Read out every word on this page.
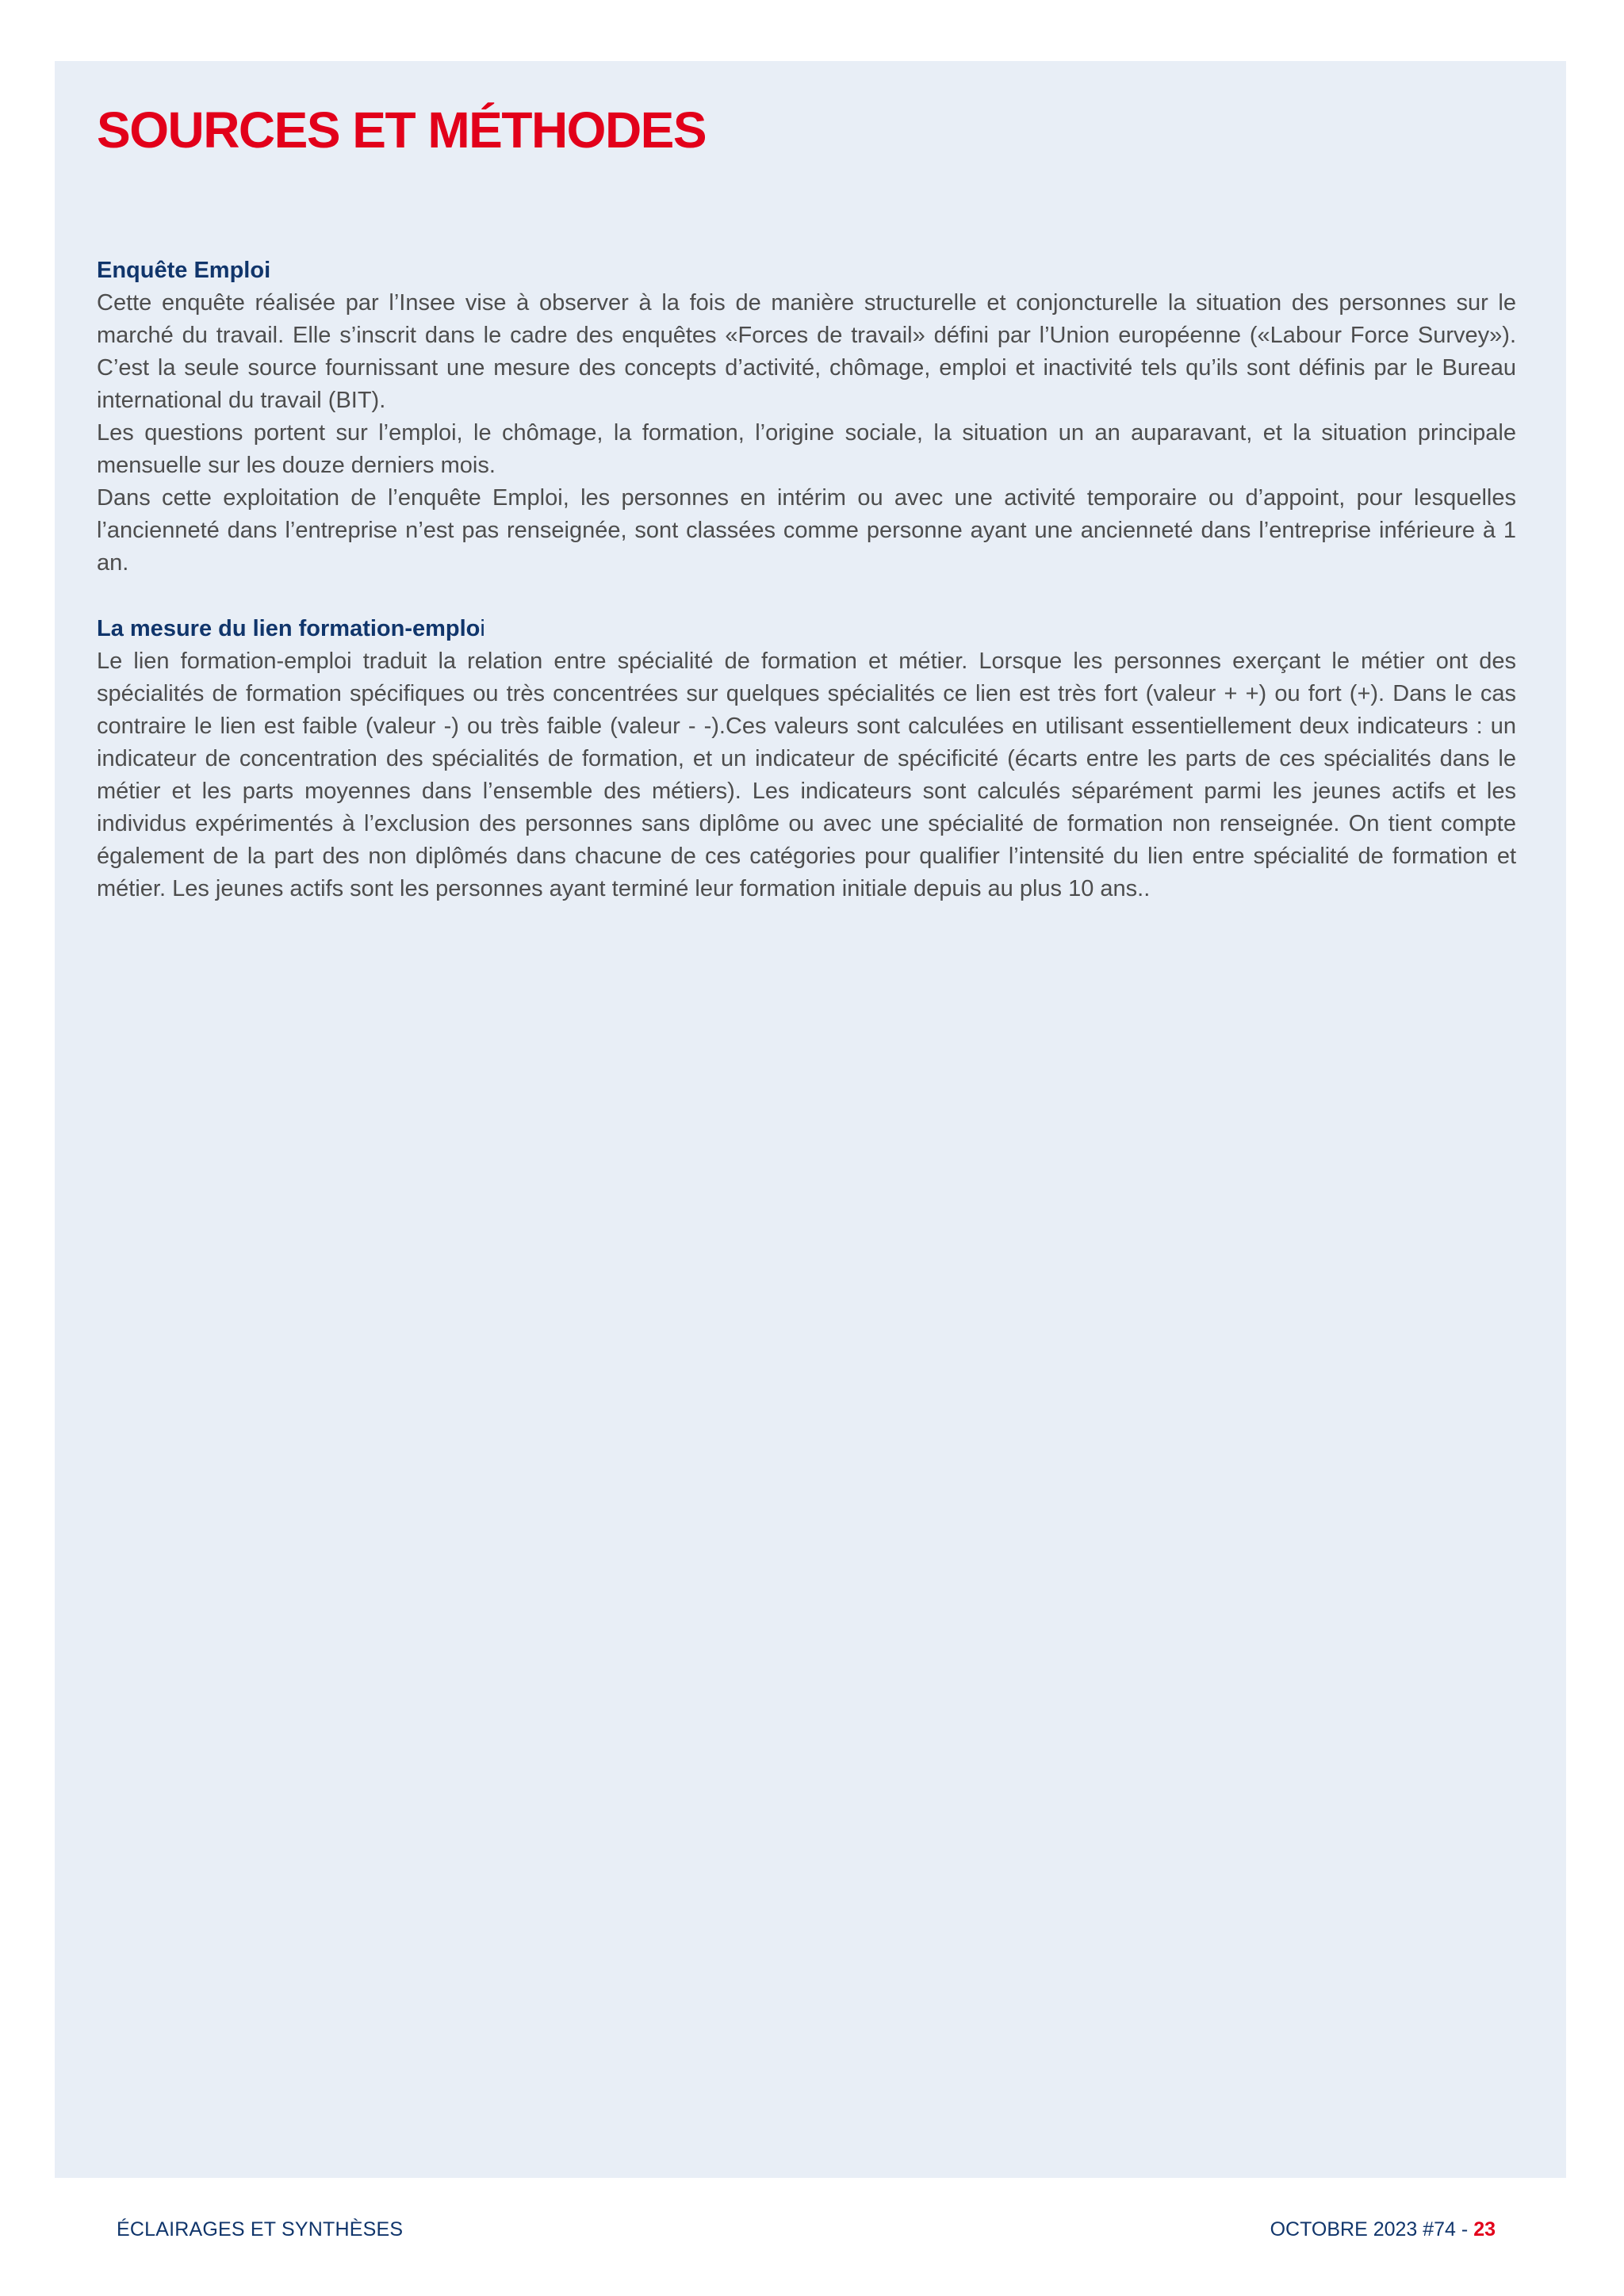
SOURCES ET MÉTHODES
Enquête Emploi

Cette enquête réalisée par l’Insee vise à observer à la fois de manière structurelle et conjoncturelle la situation des personnes sur le marché du travail. Elle s’inscrit dans le cadre des enquêtes «Forces de travail» défini par l’Union européenne («Labour Force Survey»). C’est la seule source fournissant une mesure des concepts d’activité, chômage, emploi et inactivité tels qu’ils sont définis par le Bureau international du travail (BIT).

Les questions portent sur l’emploi, le chômage, la formation, l’origine sociale, la situation un an auparavant, et la situation principale mensuelle sur les douze derniers mois.

Dans cette exploitation de l’enquête Emploi, les personnes en intérim ou avec une activité temporaire ou d’appoint, pour lesquelles l’ancienneté dans l’entreprise n’est pas renseignée, sont classées comme personne ayant une ancienneté dans l’entreprise inférieure à 1 an.

La mesure du lien formation-emploi

Le lien formation-emploi traduit la relation entre spécialité de formation et métier. Lorsque les personnes exerçant le métier ont des spécialités de formation spécifiques ou très concentrées sur quelques spécialités ce lien est très fort (valeur + +) ou fort (+). Dans le cas contraire le lien est faible (valeur -) ou très faible (valeur - -).Ces valeurs sont calculées en utilisant essentiellement deux indicateurs : un indicateur de concentration des spécialités de formation, et un indicateur de spécificité (écarts entre les parts de ces spécialités dans le métier et les parts moyennes dans l’ensemble des métiers). Les indicateurs sont calculés séparément parmi les jeunes actifs et les individus expérimentés à l’exclusion des personnes sans diplôme ou avec une spécialité de formation non renseignée. On tient compte également de la part des non diplômés dans chacune de ces catégories pour qualifier l’intensité du lien entre spécialité de formation et métier. Les jeunes actifs sont les personnes ayant terminé leur formation initiale depuis au plus 10 ans..

ÉCLAIRAGES ET SYNTHÈSES	OCTOBRE 2023 #74 - 23
